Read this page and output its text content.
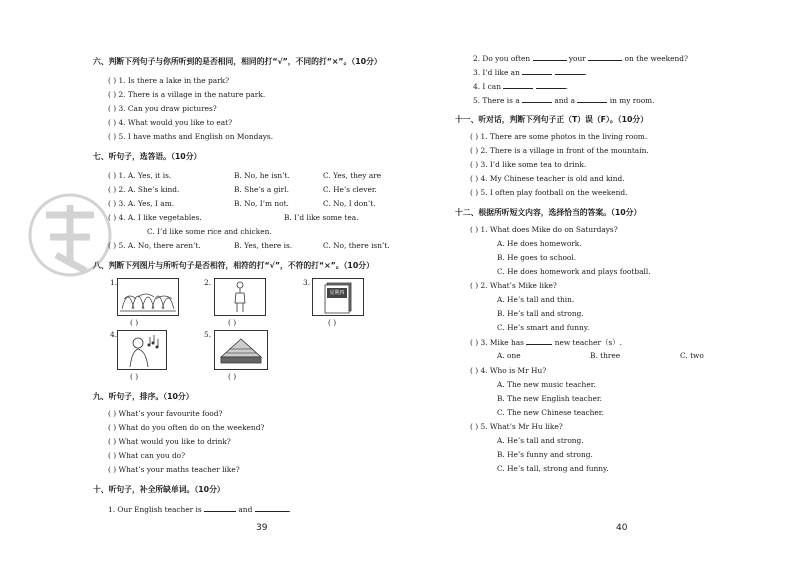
六、判断下列句子与你所听到的是否相同，相同的打“√”，不同的打“×”。（10分）
( ) 1. Is there a lake in the park?
( ) 2. There is a village in the nature park.
( ) 3. Can you draw pictures?
( ) 4. What would you like to eat?
( ) 5. I have maths and English on Mondays.
七、听句子，选答语。（10分）
( ) 1. A. Yes, it is.	B. No, he isn’t.	C. Yes, they are
( ) 2. A. She’s kind.	B. She’s a girl.	C. He’s clever.
( ) 3. A. Yes, I am.	B. No, I’m not.	C. No, I don’t.
( ) 4. A. I like vegetables.	B. I’d like some tea.
C. I’d like some rice and chicken.
( ) 5. A. No, there aren’t.	B. Yes, there is.	C. No, there isn’t.
八、判断下列图片与所听句子是否相符，相符的打“√”，不符的打“×”。（10分）
1.
( )
2.
( )
3.
星期四
( )
4.
( )
5.
( )
九、听句子，排序。（10分）
( ) What’s your favourite food?
( ) What do you often do on the weekend?
( ) What would you like to drink?
( ) What can you do?
( ) What’s your maths teacher like?
十、听句子，补全所缺单词。（10分）
1. Our English teacher is	and	.
39
2. Do you often	your	on the weekend?
3. I’d like an	.
4. I can	.
5. There is a	and a	in my room.
十一、听对话，判断下列句子正（T）误（F）。（10分）
( ) 1. There are some photos in the living room.
( ) 2. There is a village in front of the mountain.
( ) 3. I’d like some tea to drink.
( ) 4. My Chinese teacher is old and kind.
( ) 5. I often play football on the weekend.
十二、根据所听短文内容，选择恰当的答案。（10分）
( ) 1. What does Mike do on Saturdays?
A. He does homework.
B. He goes to school.
C. He does homework and plays football.
( ) 2. What’s Mike like?
A. He’s tall and thin.
B. He’s tall and strong.
C. He’s smart and funny.
( ) 3. Mike has	new teacher（s）.
A. one	B. three	C. two
( ) 4. Who is Mr Hu?
A. The new music teacher.
B. The new English teacher.
C. The new Chinese teacher.
( ) 5. What’s Mr Hu like?
A. He’s tall and strong.
B. He’s funny and strong.
C. He’s tall, strong and funny.
40
